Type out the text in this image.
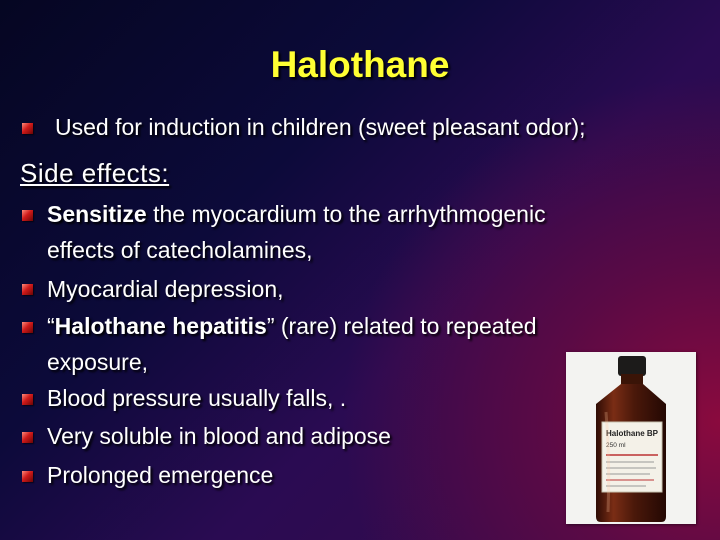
Halothane
Used for induction in children (sweet pleasant odor);
Side effects:
Sensitize the myocardium to the arrhythmogenic
effects of catecholamines,
Myocardial depression,
“Halothane hepatitis” (rare) related to repeated
exposure,
Blood pressure usually falls, .
Very soluble in blood and adipose
Prolonged emergence
Halothane BP
250 ml
